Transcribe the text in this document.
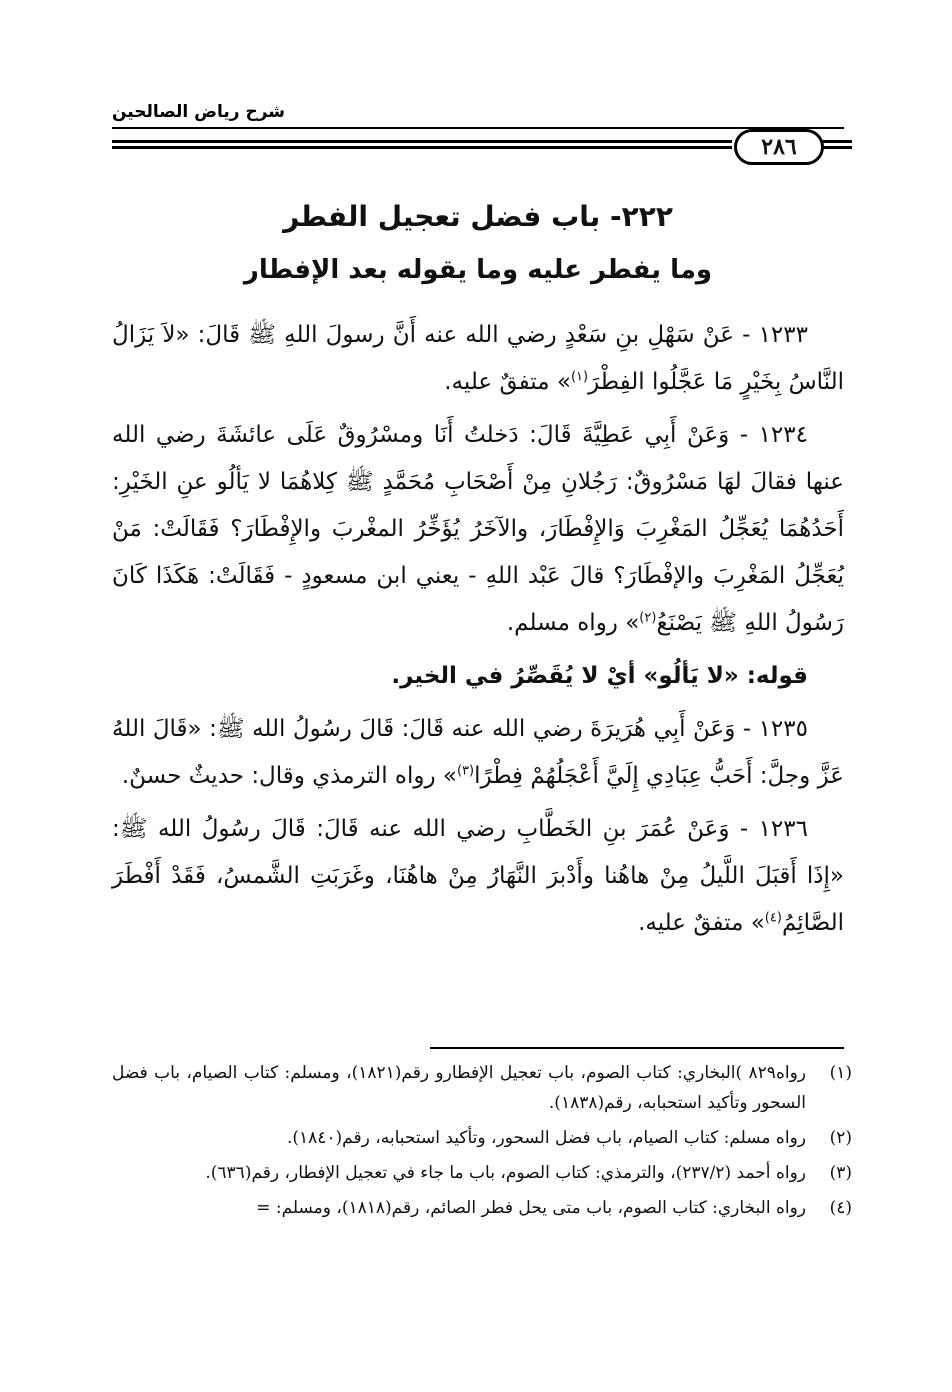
شرح رياض الصالحين
٢٨٦
٢٢٢- باب فضل تعجيل الفطر
وما يفطر عليه وما يقوله بعد الإفطار

١٢٣٣ - عَنْ سَهْلِ بنِ سَعْدٍ رضي الله عنه أَنَّ رسولَ اللهِ ﷺ قَالَ: «لاَ يَزَالُ النَّاسُ بِخَيْرٍ مَا عَجَّلُوا الفِطْرَ$^{(١)}$» متفقٌ عليه.

١٢٣٤ - وَعَنْ أَبِي عَطِيَّةَ قَالَ: دَخلتُ أَنَا ومسْرُوقٌ عَلَى عائشَةَ رضي الله عنها فقالَ لهَا مَسْرُوقٌ: رَجُلانِ مِنْ أَصْحَابِ مُحَمَّدٍ ﷺ كِلاهُمَا لا يَألُو عنِ الخَيْرِ: أَحَدُهُمَا يُعَجِّلُ المَغْرِبَ وَالإِفْطَارَ، والآخَرُ يُؤَخِّرُ المغْربَ والإِفْطَارَ؟ فَقَالَتْ: مَنْ يُعَجِّلُ المَغْرِبَ والإفْطَارَ؟ قالَ عَبْد اللهِ - يعني ابن مسعودٍ - فَقَالَتْ: هَكَذَا كَانَ رَسُولُ اللهِ ﷺ يَصْنَعُ$^{(٢)}$» رواه مسلم.

قوله: «لا يَألُو» أيْ لا يُقَصِّرُ في الخير.

١٢٣٥ - وَعَنْ أَبِي هُرَيرَةَ رضي الله عنه قَالَ: قَالَ رسُولُ الله ﷺ: «قَالَ اللهُ عَزَّ وجلَّ: أَحَبُّ عِبَادِي إِلَيَّ أَعْجَلُهُمْ فِطْرًا$^{(٣)}$» رواه الترمذي وقال: حديثٌ حسنٌ.

١٢٣٦ - وَعَنْ عُمَرَ بنِ الخَطَّابِ رضي الله عنه قَالَ: قَالَ رسُولُ الله ﷺ: «إِذَا أَقبَلَ اللَّيلُ مِنْ هاهُنا وأَدْبرَ النَّهَارُ مِنْ هاهُنَا، وغَرَبَتِ الشَّمسُ، فَقَدْ أَفْطَرَ الصَّائِمُ$^{(٤)}$» متفقٌ عليه.

(١)
رواه٨٢٩ )البخاري: كتاب الصوم، باب تعجيل الإفطارو رقم(١٨٢١)، ومسلم: كتاب الصيام، باب فضل السحور وتأكيد استحبابه، رقم(١٨٣٨).
(٢)
رواه مسلم: كتاب الصيام، باب فضل السحور، وتأكيد استحبابه، رقم(١٨٤٠).
(٣)
رواه أحمد (٢٣٧/٢)، والترمذي: كتاب الصوم، باب ما جاء في تعجيل الإفطار، رقم(٦٣٦).
(٤)
رواه البخاري: كتاب الصوم، باب متى يحل فطر الصائم، رقم(١٨١٨)، ومسلم: =
